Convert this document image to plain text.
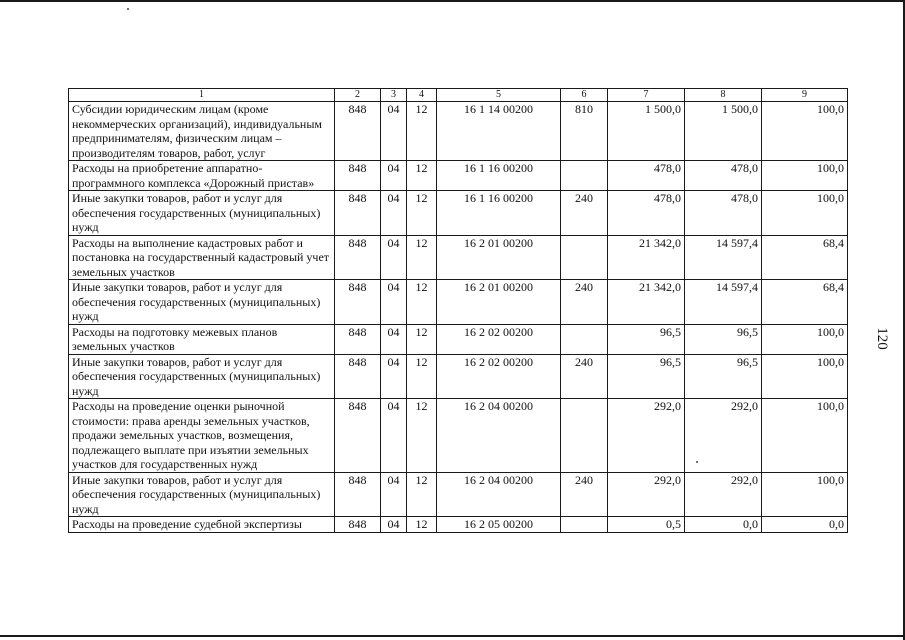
1	2	3	4	5	6	7	8	9
Субсидии юридическим лицам (кроме некоммерческих организаций), индивидуальным предпринимателям, физическим лицам – производителям товаров, работ, услуг	848	04	12	16 1 14 00200	810	1 500,0	1 500,0	100,0
Расходы на приобретение аппаратно-программного комплекса «Дорожный пристав»	848	04	12	16 1 16 00200		478,0	478,0	100,0
Иные закупки товаров, работ и услуг для обеспечения государственных (муниципальных) нужд	848	04	12	16 1 16 00200	240	478,0	478,0	100,0
Расходы на выполнение кадастровых работ и постановка на государственный кадастровый учет земельных участков	848	04	12	16 2 01 00200		21 342,0	14 597,4	68,4
Иные закупки товаров, работ и услуг для обеспечения государственных (муниципальных) нужд	848	04	12	16 2 01 00200	240	21 342,0	14 597,4	68,4
Расходы на подготовку межевых планов земельных участков	848	04	12	16 2 02 00200		96,5	96,5	100,0
Иные закупки товаров, работ и услуг для обеспечения государственных (муниципальных) нужд	848	04	12	16 2 02 00200	240	96,5	96,5	100,0
Расходы на проведение оценки рыночной стоимости: права аренды земельных участков, продажи земельных участков, возмещения, подлежащего выплате при изъятии земельных участков для государственных нужд	848	04	12	16 2 04 00200		292,0	292,0	100,0
Иные закупки товаров, работ и услуг для обеспечения государственных (муниципальных) нужд	848	04	12	16 2 04 00200	240	292,0	292,0	100,0
Расходы на проведение судебной экспертизы	848	04	12	16 2 05 00200		0,5	0,0	0,0
120
